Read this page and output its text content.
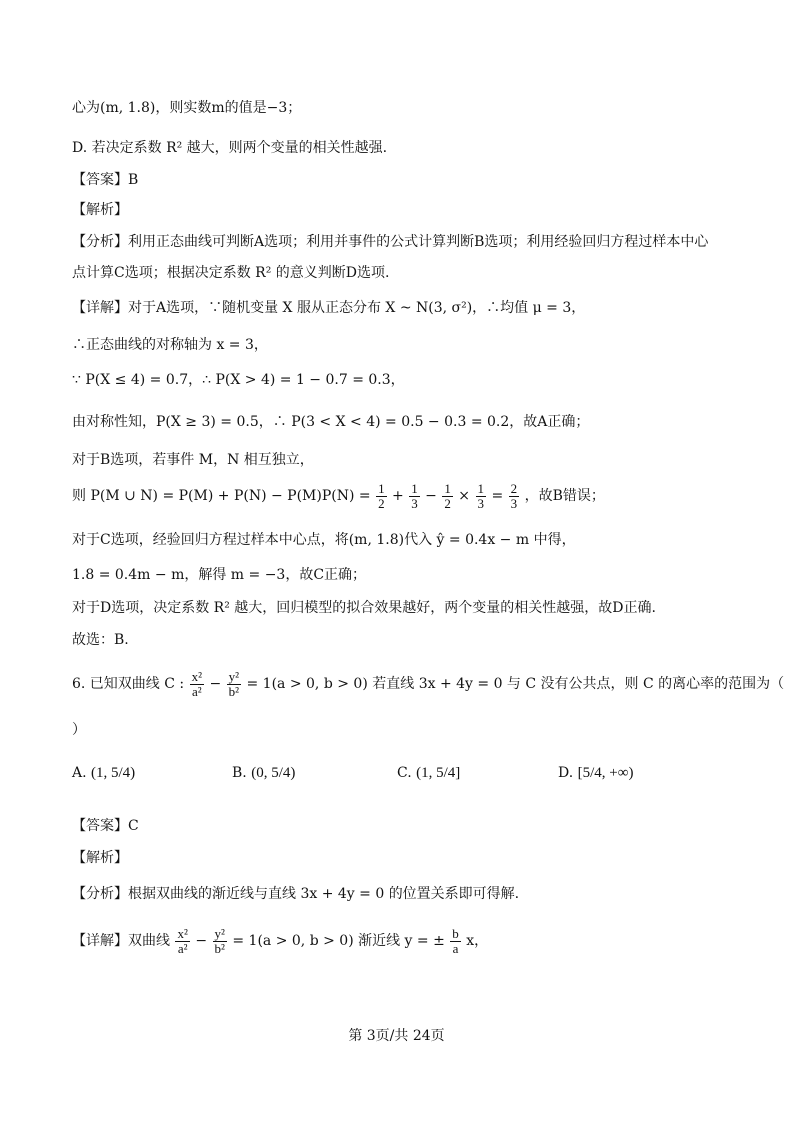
心为(m, 1.8)，则实数m的值是−3；
D. 若决定系数 R² 越大，则两个变量的相关性越强.
【答案】B
【解析】
【分析】利用正态曲线可判断A选项；利用并事件的公式计算判断B选项；利用经验回归方程过样本中心
点计算C选项；根据决定系数 R² 的意义判断D选项.
【详解】对于A选项，∵随机变量 X 服从正态分布 X ~ N(3, σ²)，∴均值 μ = 3，
∴正态曲线的对称轴为 x = 3，
∵ P(X ≤ 4) = 0.7，∴ P(X > 4) = 1 − 0.7 = 0.3，
由对称性知，P(X ≥ 3) = 0.5，∴ P(3 < X < 4) = 0.5 − 0.3 = 0.2，故A正确；
对于B选项，若事件 M，N 相互独立，
则 P(M ∪ $N) = P(M) + P(N) - P(M)P(N) = \frac{1}{2} + \frac{1}{3} - \frac{1}{2} \times \frac{1}{3} = \frac{2}{3}$ ，故B错误；
对于C选项，经验回归方程过样本中心点，将(m, 1.8)代入 ŷ = 0.4x − m 中得，
1.8 = 0.4m − m，解得 m = −3，故C正确；
对于D选项，决定系数 R² 越大，回归模型的拟合效果越好，两个变量的相关性越强，故D正确.
故选：B.
6. 已知双曲线 C : $\frac{\text{x²}}{\text{a²}} - \frac{\text{y²}}{\text{b²}} = 1(a > 0$, b > 0) 若直线 3x + 4y = 0 与 C 没有公共点，则 C 的离心率的范围为（
）
A. (1, 5/4)	B. (0, 5/4)	C. (1, 5/4]	D. [5/4, +∞)
【答案】C
【解析】
【分析】根据双曲线的渐近线与直线 3x + 4y = 0 的位置关系即可得解.
【详解】双曲线 $\frac{\text{x²}}{\text{a²}} - \frac{\text{y²}}{\text{b²}} = 1(a > 0$, b > 0) 渐近线 y = ± $\frac{b}{a}$ x，
第 3页/共 24页
